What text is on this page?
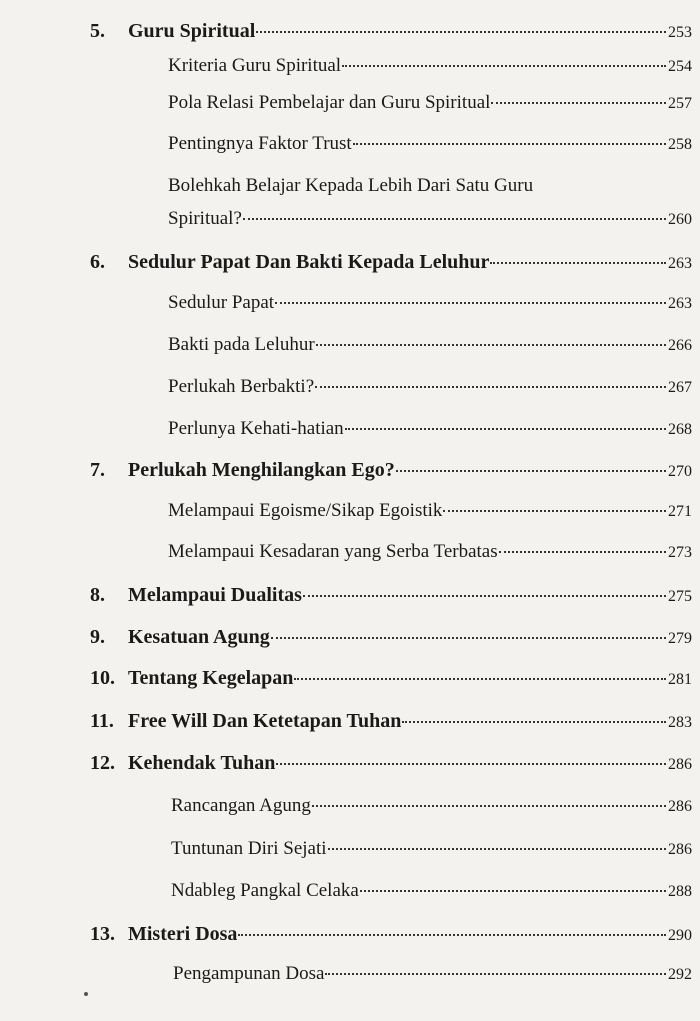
5.	Guru Spiritual	253
Kriteria Guru Spiritual	254
Pola Relasi Pembelajar dan Guru Spiritual	257
Pentingnya Faktor Trust	258
Bolehkah Belajar Kepada Lebih Dari Satu Guru
Spiritual?	260
6.	Sedulur Papat Dan Bakti Kepada Leluhur	263
Sedulur Papat	263
Bakti pada Leluhur	266
Perlukah Berbakti?	267
Perlunya Kehati-hatian	268
7.	Perlukah Menghilangkan Ego?	270
Melampaui Egoisme/Sikap Egoistik	271
Melampaui Kesadaran yang Serba Terbatas	273
8.	Melampaui Dualitas	275
9.	Kesatuan Agung	279
10. Tentang Kegelapan	281
11. Free Will Dan Ketetapan Tuhan	283
12. Kehendak Tuhan	286
Rancangan Agung	286
Tuntunan Diri Sejati	286
Ndableg Pangkal Celaka	288
13. Misteri Dosa	290
Pengampunan Dosa	292
